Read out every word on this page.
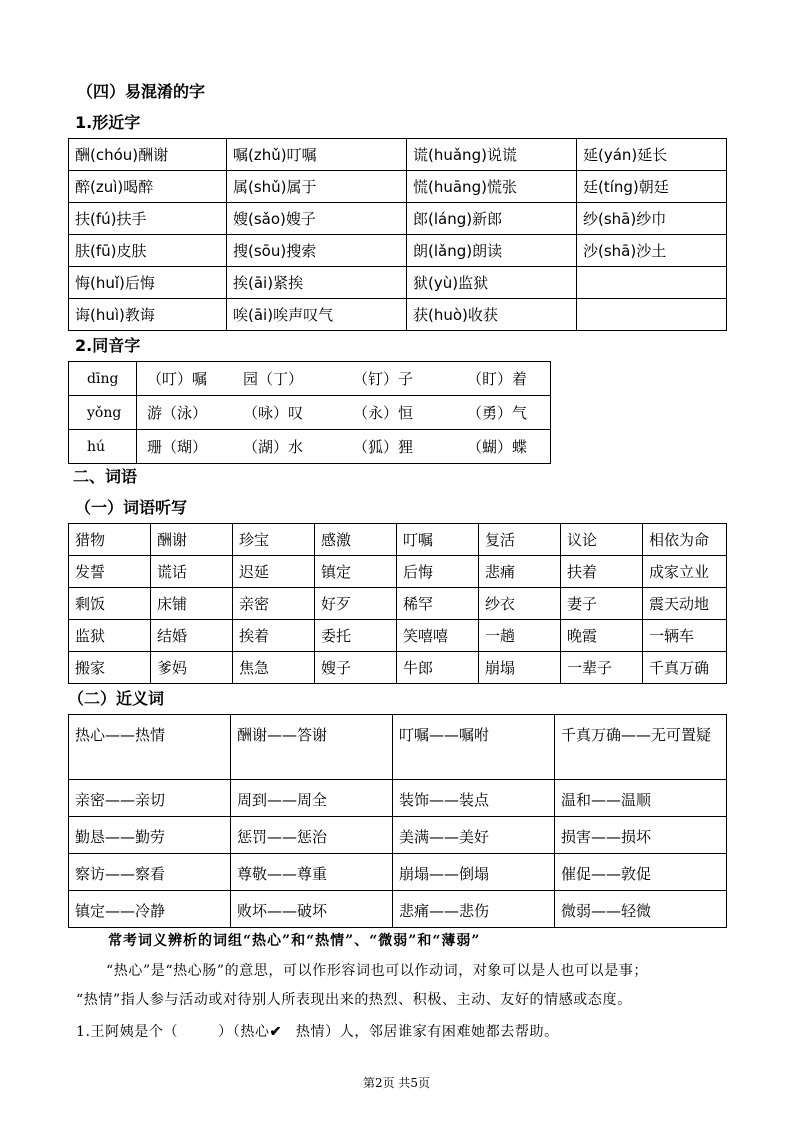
（四）易混淆的字
1.形近字
酬(chóu)酬谢	嘱(zhǔ)叮嘱	谎(huǎng)说谎	延(yán)延长
醉(zuì)喝醉	属(shǔ)属于	慌(huāng)慌张	廷(tíng)朝廷
扶(fú)扶手	嫂(sǎo)嫂子	郎(láng)新郎	纱(shā)纱巾
肤(fū)皮肤	搜(sōu)搜索	朗(lǎng)朗读	沙(shā)沙土
悔(huǐ)后悔	挨(āi)紧挨	狱(yù)监狱	
诲(huì)教诲	唉(āi)唉声叹气	获(huò)收获	
2.同音字
dīng	（叮）嘱 园（丁） （钉）子 （盯）着
yǒng	游（泳） （咏）叹 （永）恒 （勇）气
hú	珊（瑚） （湖）水 （狐）狸 （蝴）蝶
二、词语
（一）词语听写
猎物	酬谢	珍宝	感激	叮嘱	复活	议论	相依为命
发誓	谎话	迟延	镇定	后悔	悲痛	扶着	成家立业
剩饭	床铺	亲密	好歹	稀罕	纱衣	妻子	震天动地
监狱	结婚	挨着	委托	笑嘻嘻	一趟	晚霞	一辆车
搬家	爹妈	焦急	嫂子	牛郎	崩塌	一辈子	千真万确
（二）近义词
热心——热情	酬谢——答谢	叮嘱——嘱咐	千真万确——无可置疑
亲密——亲切	周到——周全	装饰——装点	温和——温顺
勤恳——勤劳	惩罚——惩治	美满——美好	损害——损坏
察访——察看	尊敬——尊重	崩塌——倒塌	催促——敦促
镇定——冷静	败坏——破坏	悲痛——悲伤	微弱——轻微
常考词义辨析的词组“热心”和“热情”、“微弱”和“薄弱”
“热心”是“热心肠”的意思，可以作形容词也可以作动词，对象可以是人也可以是事；
“热情”指人参与活动或对待别人所表现出来的热烈、积极、主动、友好的情感或态度。
1.王阿姨是个（	）（热心✔ 热情）人，邻居谁家有困难她都去帮助。
第2页 共5页
